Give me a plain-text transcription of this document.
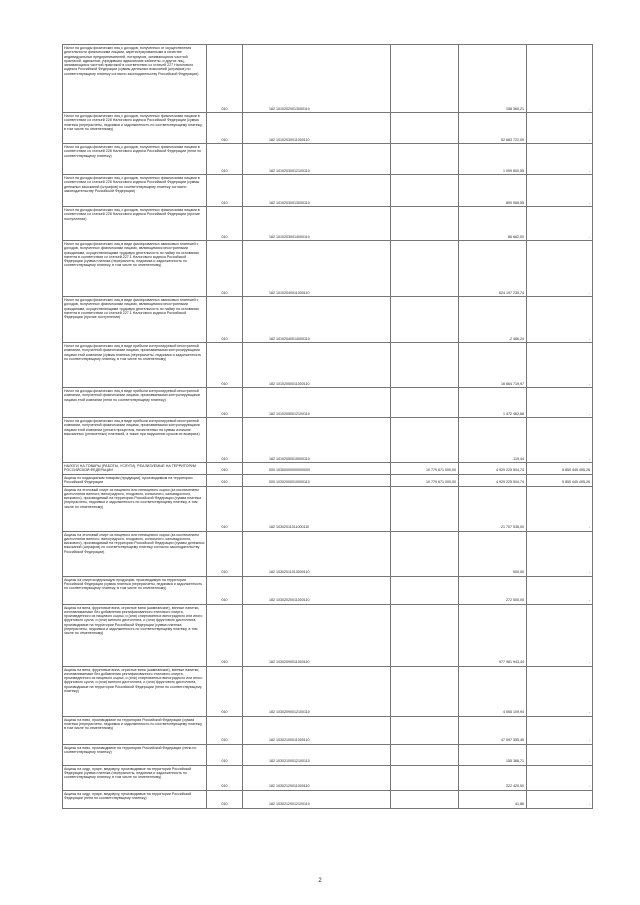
Налог на доходы физических лиц с доходов, полученных от осуществления деятельности физическими лицами, зарегистрированными в качестве индивидуальных предпринимателей, нотариусов, занимающихся частной практикой, адвокатов, учредивших адвокатские кабинеты, и других лиц, занимающихся частной практикой в соответствии со статьей 227 Налогового кодекса Российской Федерации (суммы денежных взысканий (штрафов) по соответствующему платежу согласно законодательству Российской Федерации)	010	182 10102020013000110		158 360,21	-
Налог на доходы физических лиц с доходов, полученных физическими лицами в соответствии со статьей 228 Налогового кодекса Российской Федерации (сумма платежа (перерасчеты, недоимка и задолженность по соответствующему платежу, в том числе по отмененному)	010	182 10102030011000110		52 683 722,09	-
Налог на доходы физических лиц с доходов, полученных физическими лицами в соответствии со статьей 228 Налогового кодекса Российской Федерации (пени по соответствующему платежу)	010	182 10102030012100110		1 099 800,55	-
Налог на доходы физических лиц с доходов, полученных физическими лицами в соответствии со статьей 228 Налогового кодекса Российской Федерации (суммы денежных взысканий (штрафов) по соответствующему платежу согласно законодательству Российской Федерации)	010	182 10102030013000110		890 068,55	-
Налог на доходы физических лиц с доходов, полученных физическими лицами в соответствии со статьей 228 Налогового кодекса Российской Федерации (прочие поступления)	010	182 10102030014000110		86 662,00	-
Налог на доходы физических лиц в виде фиксированных авансовых платежей с доходов, полученных физическими лицами, являющимися иностранными гражданами, осуществляющими трудовую деятельность по найму на основании патента в соответствии со статьей 227.1 Налогового кодекса Российской Федерации (сумма платежа (перерасчеты, недоимка и задолженность по соответствующему платежу, в том числе по отмененному)	010	182 10102040011000110		624 197 230,74	-
Налог на доходы физических лиц в виде фиксированных авансовых платежей с доходов, полученных физическими лицами, являющимися иностранными гражданами, осуществляющими трудовую деятельность по найму на основании патента в соответствии со статьей 227.1 Налогового кодекса Российской Федерации (прочие поступления)	010	182 10102040014000110		-2 466,24	-
Налог на доходы физических лиц в виде прибыли контролируемой иностранной компании, полученной физическими лицами, признаваемыми контролирующими лицами этой компании (сумма платежа (перерасчеты, недоимка и задолженность по соответствующему платежу, в том числе по отмененному)	010	182 10102050011000110		16 664 719,97	-
Налог на доходы физических лиц в виде прибыли контролируемой иностранной компании, полученной физическими лицами, признаваемыми контролирующими лицами этой компании (пени по соответствующему платежу)	010	182 10102050012100110		1 472 462,68	-
Налог на доходы физических лиц в виде прибыли контролируемой иностранной компании, полученной физическими лицами, признаваемыми контролирующими лицами этой компании (уплата процентов, начисленных на суммы излишне взысканных (уплаченных) платежей, а также при нарушении сроков их возврата)	010	182 10102050015000110		-119,44	-
НАЛОГИ НА ТОВАРЫ (РАБОТЫ, УСЛУГИ), РЕАЛИЗУЕМЫЕ НА ТЕРРИТОРИИ РОССИЙСКОЙ ФЕДЕРАЦИИ	010	000 10300000000000000	10 779 671 000,00	4 929 225 504,74	5 850 445 495,26
Акцизы по подакцизным товарам (продукции), производимым на территории Российской Федерации	010	000 10302000010000110	10 779 671 000,00	4 929 225 504,74	5 850 445 495,26
Акцизы на этиловый спирт из пищевого или непищевого сырья (за исключением дистиллятов винного, виноградного, плодового, коньячного, кальвадосного, вискового), производимый на территории Российской Федерации (сумма платежа (перерасчеты, недоимка и задолженность по соответствующему платежу, в том числе по отмененному)	010	182 10302011011000110		21 707 536,00	-
Акцизы на этиловый спирт из пищевого или непищевого сырья (за исключением дистиллятов винного, виноградного, плодового, коньячного, кальвадосного, вискового), производимый на территории Российской Федерации (суммы денежных взысканий (штрафов) по соответствующему платежу согласно законодательству Российской Федерации)	010	182 10302011013000110		500,00	-
Акцизы на спиртосодержащую продукцию, производимую на территории Российской Федерации (сумма платежа (перерасчеты, недоимка и задолженность по соответствующему платежу, в том числе по отмененному)	010	182 10302020011000110		272 500,00	-
Акцизы на вина, фруктовые вина, игристые вина (шампанские), винные напитки, изготавливаемые без добавления ректификованного этилового спирта, произведенного из пищевого сырья, и (или) спиртованных виноградного или иного фруктового сусла, и (или) винного дистиллята, и (или) фруктового дистиллята, производимые на территории Российской Федерации (сумма платежа (перерасчеты, недоимка и задолженность по соответствующему платежу, в том числе по отмененному)	010	182 10302090011000110		977 981 943,44	-
Акцизы на вина, фруктовые вина, игристые вина (шампанские), винные напитки, изготавливаемые без добавления ректификованного этилового спирта, произведенного из пищевого сырья, и (или) спиртованных виноградного или иного фруктового сусла, и (или) винного дистиллята, и (или) фруктового дистиллята, производимые на территории Российской Федерации (пени по соответствующему платежу)	010	182 10302090012100110		4 065 109,94	-
Акцизы на пиво, производимое на территории Российской Федерации (сумма платежа (перерасчеты, недоимка и задолженность по соответствующему платежу, в том числе по отмененному)	010	182 10302100011000110		47 597 355,45	-
Акцизы на пиво, производимое на территории Российской Федерации (пени по соответствующему платежу)	010	182 10302100012100110		155 366,71	-
Акцизы на сидр, пуаре, медовуху, производимые на территории Российской Федерации (сумма платежа (перерасчеты, недоимка и задолженность по соответствующему платежу, в том числе по отмененному)	010	182 10302120011000110		322 420,50	-
Акцизы на сидр, пуаре, медовуху, производимые на территории Российской Федерации (пени по соответствующему платежу)	010	182 10302120012100110		41,86	-
2
